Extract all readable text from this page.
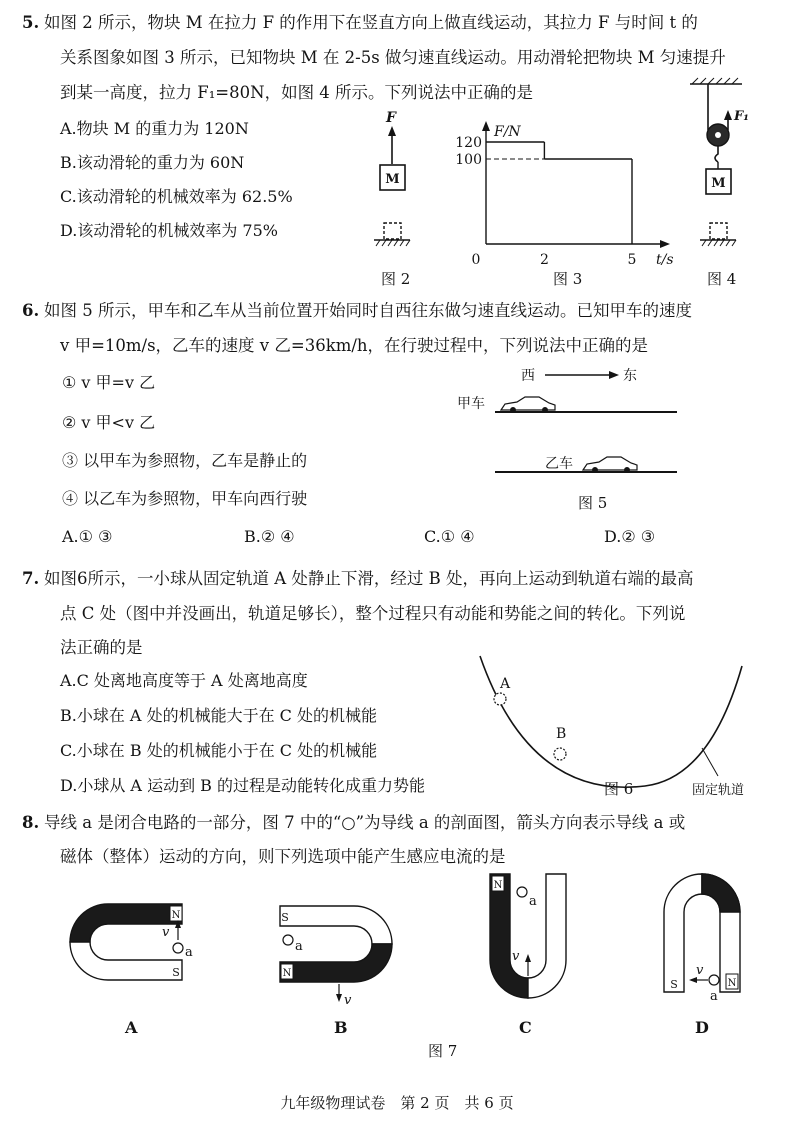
5. 如图 2 所示，物块 M 在拉力 F 的作用下在竖直方向上做直线运动，其拉力 F 与时间 t 的
关系图象如图 3 所示，已知物块 M 在 2-5s 做匀速直线运动。用动滑轮把物块 M 匀速提升
到某一高度，拉力 F₁=80N，如图 4 所示。下列说法中正确的是
A.物块 M 的重力为 120N
B.该动滑轮的重力为 60N
C.该动滑轮的机械效率为 62.5%
D.该动滑轮的机械效率为 75%
F
M
图 2
F/N
t/s
120
100
0	2	5
图 3
F₁
M
图 4
6. 如图 5 所示，甲车和乙车从当前位置开始同时自西往东做匀速直线运动。已知甲车的速度
v 甲=10m/s，乙车的速度 v 乙=36km/h，在行驶过程中，下列说法中正确的是
① v 甲=v 乙
② v 甲<v 乙
③ 以甲车为参照物，乙车是静止的
④ 以乙车为参照物，甲车向西行驶
A.① ③	B.② ④	C.① ④	D.② ③
西	东
甲车
乙车
图 5
7. 如图6所示，一小球从固定轨道 A 处静止下滑，经过 B 处，再向上运动到轨道右端的最高
点 C 处（图中并没画出，轨道足够长），整个过程只有动能和势能之间的转化。下列说
法正确的是
A.C 处离地高度等于 A 处离地高度
B.小球在 A 处的机械能大于在 C 处的机械能
C.小球在 B 处的机械能小于在 C 处的机械能
D.小球从 A 运动到 B 的过程是动能转化成重力势能
A
B
固定轨道
图 6
8. 导线 a 是闭合电路的一部分，图 7 中的“○”为导线 a 的剖面图，箭头方向表示导线 a 或
磁体（整体）运动的方向，则下列选项中能产生感应电流的是
N
S
a
v
A
S
N
a
v
B
N
a
v
C
S	N
a
v
D
图 7
九年级物理试卷　第 2 页　共 6 页
